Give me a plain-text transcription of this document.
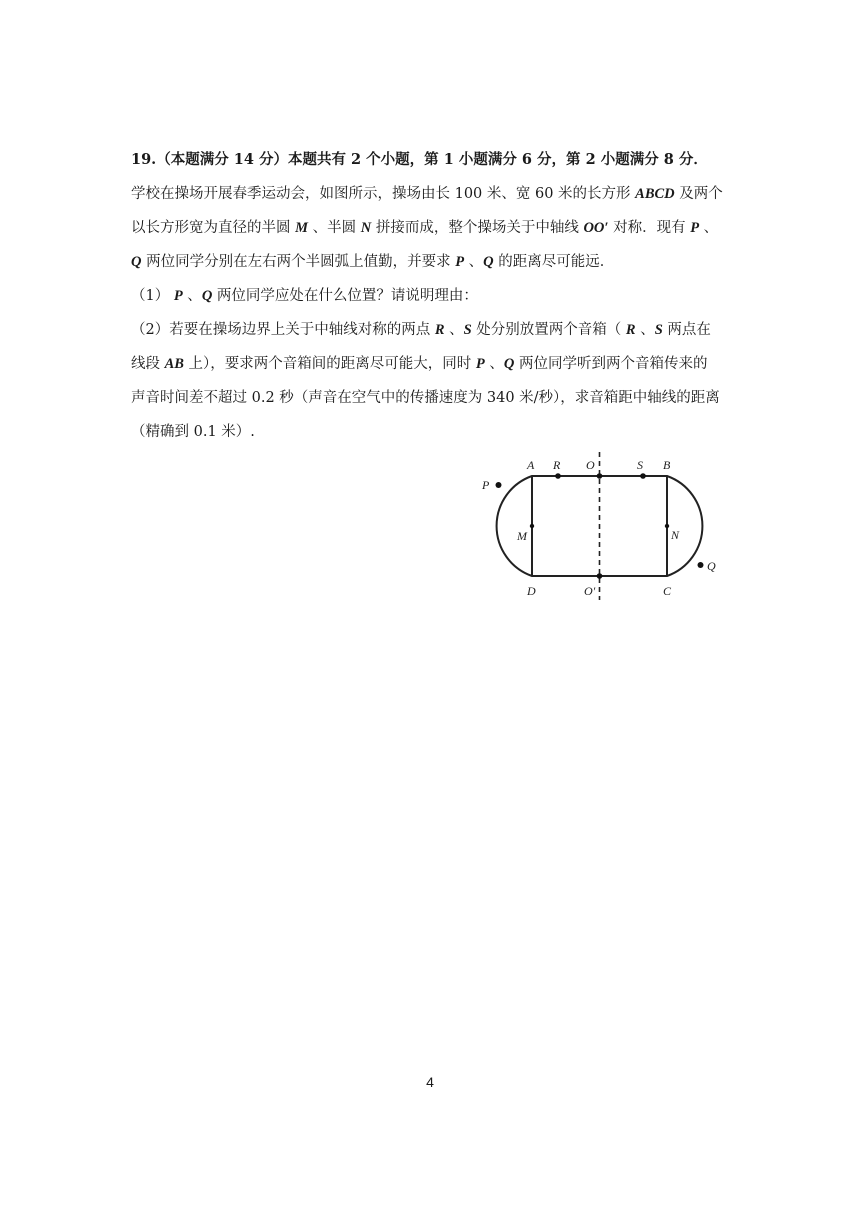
19.（本题满分 14 分）本题共有 2 个小题，第 1 小题满分 6 分，第 2 小题满分 8 分．
学校在操场开展春季运动会，如图所示，操场由长 100 米、宽 60 米的长方形 ABCD 及两个
以长方形宽为直径的半圆 M 、半圆 N 拼接而成，整个操场关于中轴线 OO′ 对称．现有 P 、
Q 两位同学分别在左右两个半圆弧上值勤，并要求 P 、Q 的距离尽可能远．
（1） P 、Q 两位同学应处在什么位置？请说明理由：
（2）若要在操场边界上关于中轴线对称的两点 R 、S 处分别放置两个音箱（ R 、S 两点在
线段 AB 上），要求两个音箱间的距离尽可能大，同时 P 、Q 两位同学听到两个音箱传来的
声音时间差不超过 0.2 秒（声音在空气中的传播速度为 340 米/秒），求音箱距中轴线的距离
（精确到 0.1 米）.
A R O	S B
P
M	N
Q
D	O′	C
4
